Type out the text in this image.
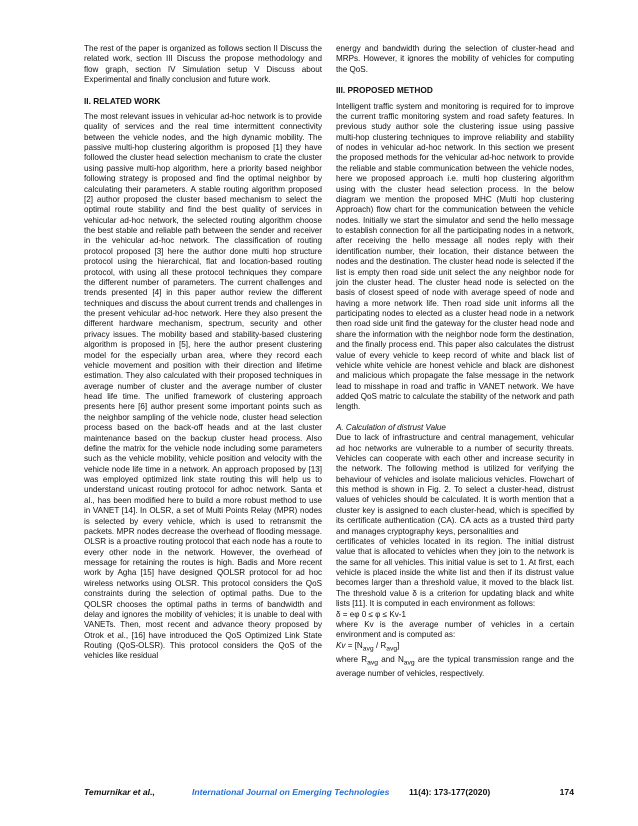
The rest of the paper is organized as follows section II Discuss the related work, section III Discuss the propose methodology and flow graph, section IV Simulation setup V Discuss about Experimental and finally conclusion and future work.

II. RELATED WORK

The most relevant issues in vehicular ad-hoc network is to provide quality of services and the real time intermittent connectivity between the vehicle nodes, and the high dynamic mobility. The passive multi-hop clustering algorithm is proposed [1] they have followed the cluster head selection mechanism to crate the cluster using passive multi-hop algorithm, here a priority based neighbor following strategy is proposed and find the optimal neighbor by calculating their parameters. A stable routing algorithm proposed [2] author proposed the cluster based mechanism to select the optimal route stability and find the best quality of services in vehicular ad-hoc network, the selected routing algorithm choose the best stable and reliable path between the sender and receiver in the vehicular ad-hoc network. The classification of routing protocol proposed [3] here the author done multi hop structure protocol using the hierarchical, flat and location-based routing protocol, with using all these protocol techniques they compare the different number of parameters. The current challenges and trends presented [4] in this paper author review the different techniques and discuss the about current trends and challenges in the present vehicular ad-hoc network. Here they also present the different hardware mechanism, spectrum, security and other privacy issues. The mobility based and stability-based clustering algorithm is proposed in [5], here the author present clustering model for the especially urban area, where they record each vehicle movement and position with their direction and lifetime estimation. They also calculated with their proposed techniques in average number of cluster and the average number of cluster head life time. The unified framework of clustering approach presents here [6] author present some important points such as the neighbor sampling of the vehicle node, cluster head selection process based on the back-off heads and at the last cluster maintenance based on the backup cluster head process. Also define the matrix for the vehicle node including some parameters such as the vehicle mobility, vehicle position and velocity with the vehicle node life time in a network. An approach proposed by [13] was employed optimized link state routing this will help us to understand unicast routing protocol for adhoc network. Santa et al., has been modified here to build a more robust method to use in VANET [14]. In OLSR, a set of Multi Points Relay (MPR) nodes is selected by every vehicle, which is used to retransmit the packets. MPR nodes decrease the overhead of flooding message. OLSR is a proactive routing protocol that each node has a route to every other node in the network. However, the overhead of message for retaining the routes is high. Badis and More recent work by Agha [15] have designed QOLSR protocol for ad hoc wireless networks using OLSR. This protocol considers the QoS constraints during the selection of optimal paths. Due to the QOLSR chooses the optimal paths in terms of bandwidth and delay and ignores the mobility of vehicles; it is unable to deal with VANETs. Then, most recent and advance theory proposed by Otrok et al., [16] have introduced the QoS Optimized Link State Routing (QoS-OLSR). This protocol considers the QoS of the vehicles like residual

energy and bandwidth during the selection of cluster-head and MRPs. However, it ignores the mobility of vehicles for computing the QoS.

III. PROPOSED METHOD

Intelligent traffic system and monitoring is required for to improve the current traffic monitoring system and road safety features. In previous study author sole the clustering issue using passive multi-hop clustering techniques to improve reliability and stability of nodes in vehicular ad-hoc network. In this section we present the proposed methods for the vehicular ad-hoc network to provide the reliable and stable communication between the vehicle nodes, here we proposed approach i.e. multi hop clustering algorithm using with the cluster head selection process. In the below diagram we mention the proposed MHC (Multi hop clustering Approach) flow chart for the communication between the vehicle nodes. Initially we start the simulator and send the hello message to establish connection for all the participating nodes in a network, after receiving the hello message all nodes reply with their identification number, their location, their distance between the nodes and the destination. The cluster head node is selected if the list is empty then road side unit select the any neighbor node for join the cluster head. The cluster head node is selected on the basis of closest speed of node with average speed of node and having a more network life. Then road side unit informs all the participating nodes to elected as a cluster head node in a network then road side unit find the gateway for the cluster head node and share the information with the neighbor node form the destination, and the finally process end. This paper also calculates the distrust value of every vehicle to keep record of white and black list of vehicle white vehicle are honest vehicle and black are dishonest and malicious which propagate the false message in the network lead to misshape in road and traffic in VANET network. We have added QoS matric to calculate the stability of the network and path length.

A. Calculation of distrust Value

Due to lack of infrastructure and central management, vehicular ad hoc networks are vulnerable to a number of security threats. Vehicles can cooperate with each other and increase security in the network. The following method is utilized for verifying the behaviour of vehicles and isolate malicious vehicles. Flowchart of this method is shown in Fig. 2. To select a cluster-head, distrust values of vehicles should be calculated. It is worth mention that a cluster key is assigned to each cluster-head, which is specified by its certificate authentication (CA). CA acts as a trusted third party and manages cryptography keys, personalities and

certificates of vehicles located in its region. The initial distrust value that is allocated to vehicles when they join to the network is the same for all vehicles. This initial value is set to 1. At first, each vehicle is placed inside the white list and then if its distrust value becomes larger than a threshold value, it moved to the black list. The threshold value δ is a criterion for updating black and white lists [11]. It is computed in each environment as follows:

δ = eφ 0 ≤ φ ≤ Kv-1

where Kv is the average number of vehicles in a certain environment and is computed as:

$Kv = [N_{avg} / R_{avg}]$

where $R_{avg}$ and $N_{avg}$ are the typical transmission range and the average number of vehicles, respectively.

Temurnikar et al.,	International Journal on Emerging Technologies 11(4): 173-177(2020)	174
